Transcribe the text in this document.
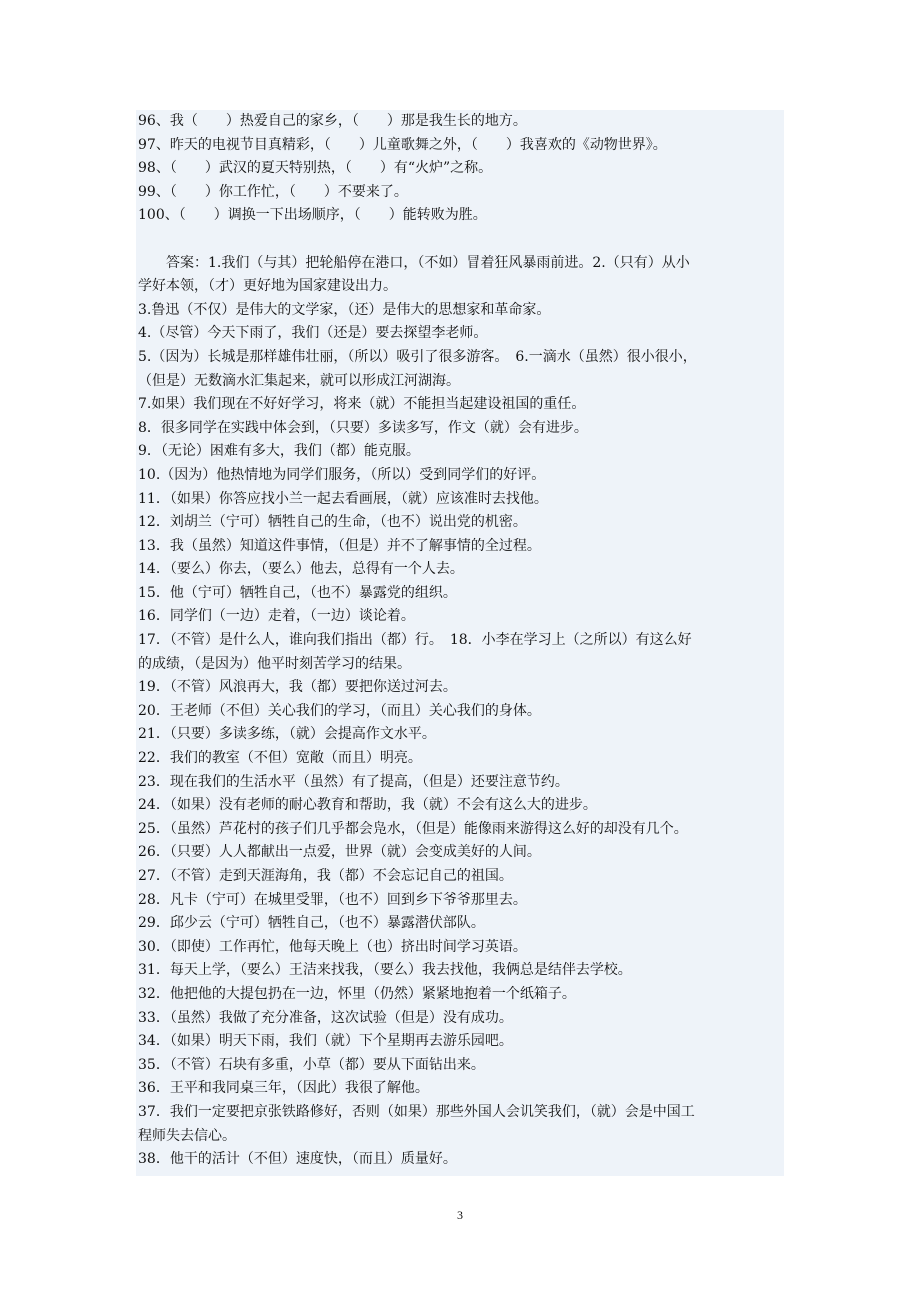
96、我（　　）热爱自己的家乡，（　　）那是我生长的地方。
97、昨天的电视节目真精彩，（　　）儿童歌舞之外，（　　）我喜欢的《动物世界》。
98、（　　）武汉的夏天特别热，（　　）有“火炉”之称。
99、（　　）你工作忙，（　　）不要来了。
100、（　　）调换一下出场顺序，（　　）能转败为胜。
答案：1.我们（与其）把轮船停在港口，（不如）冒着狂风暴雨前进。2.（只有）从小
学好本领，（才）更好地为国家建设出力。
3.鲁迅（不仅）是伟大的文学家，（还）是伟大的思想家和革命家。
4.（尽管）今天下雨了，我们（还是）要去探望李老师。
5.（因为）长城是那样雄伟壮丽，（所以）吸引了很多游客。　6.一滴水（虽然）很小很小，
（但是）无数滴水汇集起来，就可以形成江河湖海。
7.如果）我们现在不好好学习，将来（就）不能担当起建设祖国的重任。
8．很多同学在实践中体会到，（只要）多读多写，作文（就）会有进步。
9．（无论）困难有多大，我们（都）能克服。
10.（因为）他热情地为同学们服务，（所以）受到同学们的好评。
11．（如果）你答应找小兰一起去看画展，（就）应该准时去找他。
12．刘胡兰（宁可）牺牲自己的生命，（也不）说出党的机密。
13．我（虽然）知道这件事情，（但是）并不了解事情的全过程。
14．（要么）你去，（要么）他去，总得有一个人去。
15．他（宁可）牺牲自己，（也不）暴露党的组织。
16．同学们（一边）走着，（一边）谈论着。
17．（不管）是什么人，谁向我们指出（都）行。　18．小李在学习上（之所以）有这么好
的成绩，（是因为）他平时刻苦学习的结果。
19．（不管）风浪再大，我（都）要把你送过河去。
20．王老师（不但）关心我们的学习，（而且）关心我们的身体。
21．（只要）多读多练，（就）会提高作文水平。
22．我们的教室（不但）宽敞（而且）明亮。
23．现在我们的生活水平（虽然）有了提高，（但是）还要注意节约。
24．（如果）没有老师的耐心教育和帮助，我（就）不会有这么大的进步。
25．（虽然）芦花村的孩子们几乎都会凫水，（但是）能像雨来游得这么好的却没有几个。
26．（只要）人人都献出一点爱，世界（就）会变成美好的人间。
27．（不管）走到天涯海角，我（都）不会忘记自己的祖国。
28．凡卡（宁可）在城里受罪，（也不）回到乡下爷爷那里去。
29．邱少云（宁可）牺牲自己，（也不）暴露潜伏部队。
30．（即使）工作再忙，他每天晚上（也）挤出时间学习英语。
31．每天上学，（要么）王洁来找我，（要么）我去找他，我俩总是结伴去学校。
32．他把他的大提包扔在一边，怀里（仍然）紧紧地抱着一个纸箱子。
33．（虽然）我做了充分准备，这次试验（但是）没有成功。
34．（如果）明天下雨，我们（就）下个星期再去游乐园吧。
35．（不管）石块有多重，小草（都）要从下面钻出来。
36．王平和我同桌三年，（因此）我很了解他。
37．我们一定要把京张铁路修好，否则（如果）那些外国人会讥笑我们，（就）会是中国工
程师失去信心。
38．他干的活计（不但）速度快，（而且）质量好。
3
